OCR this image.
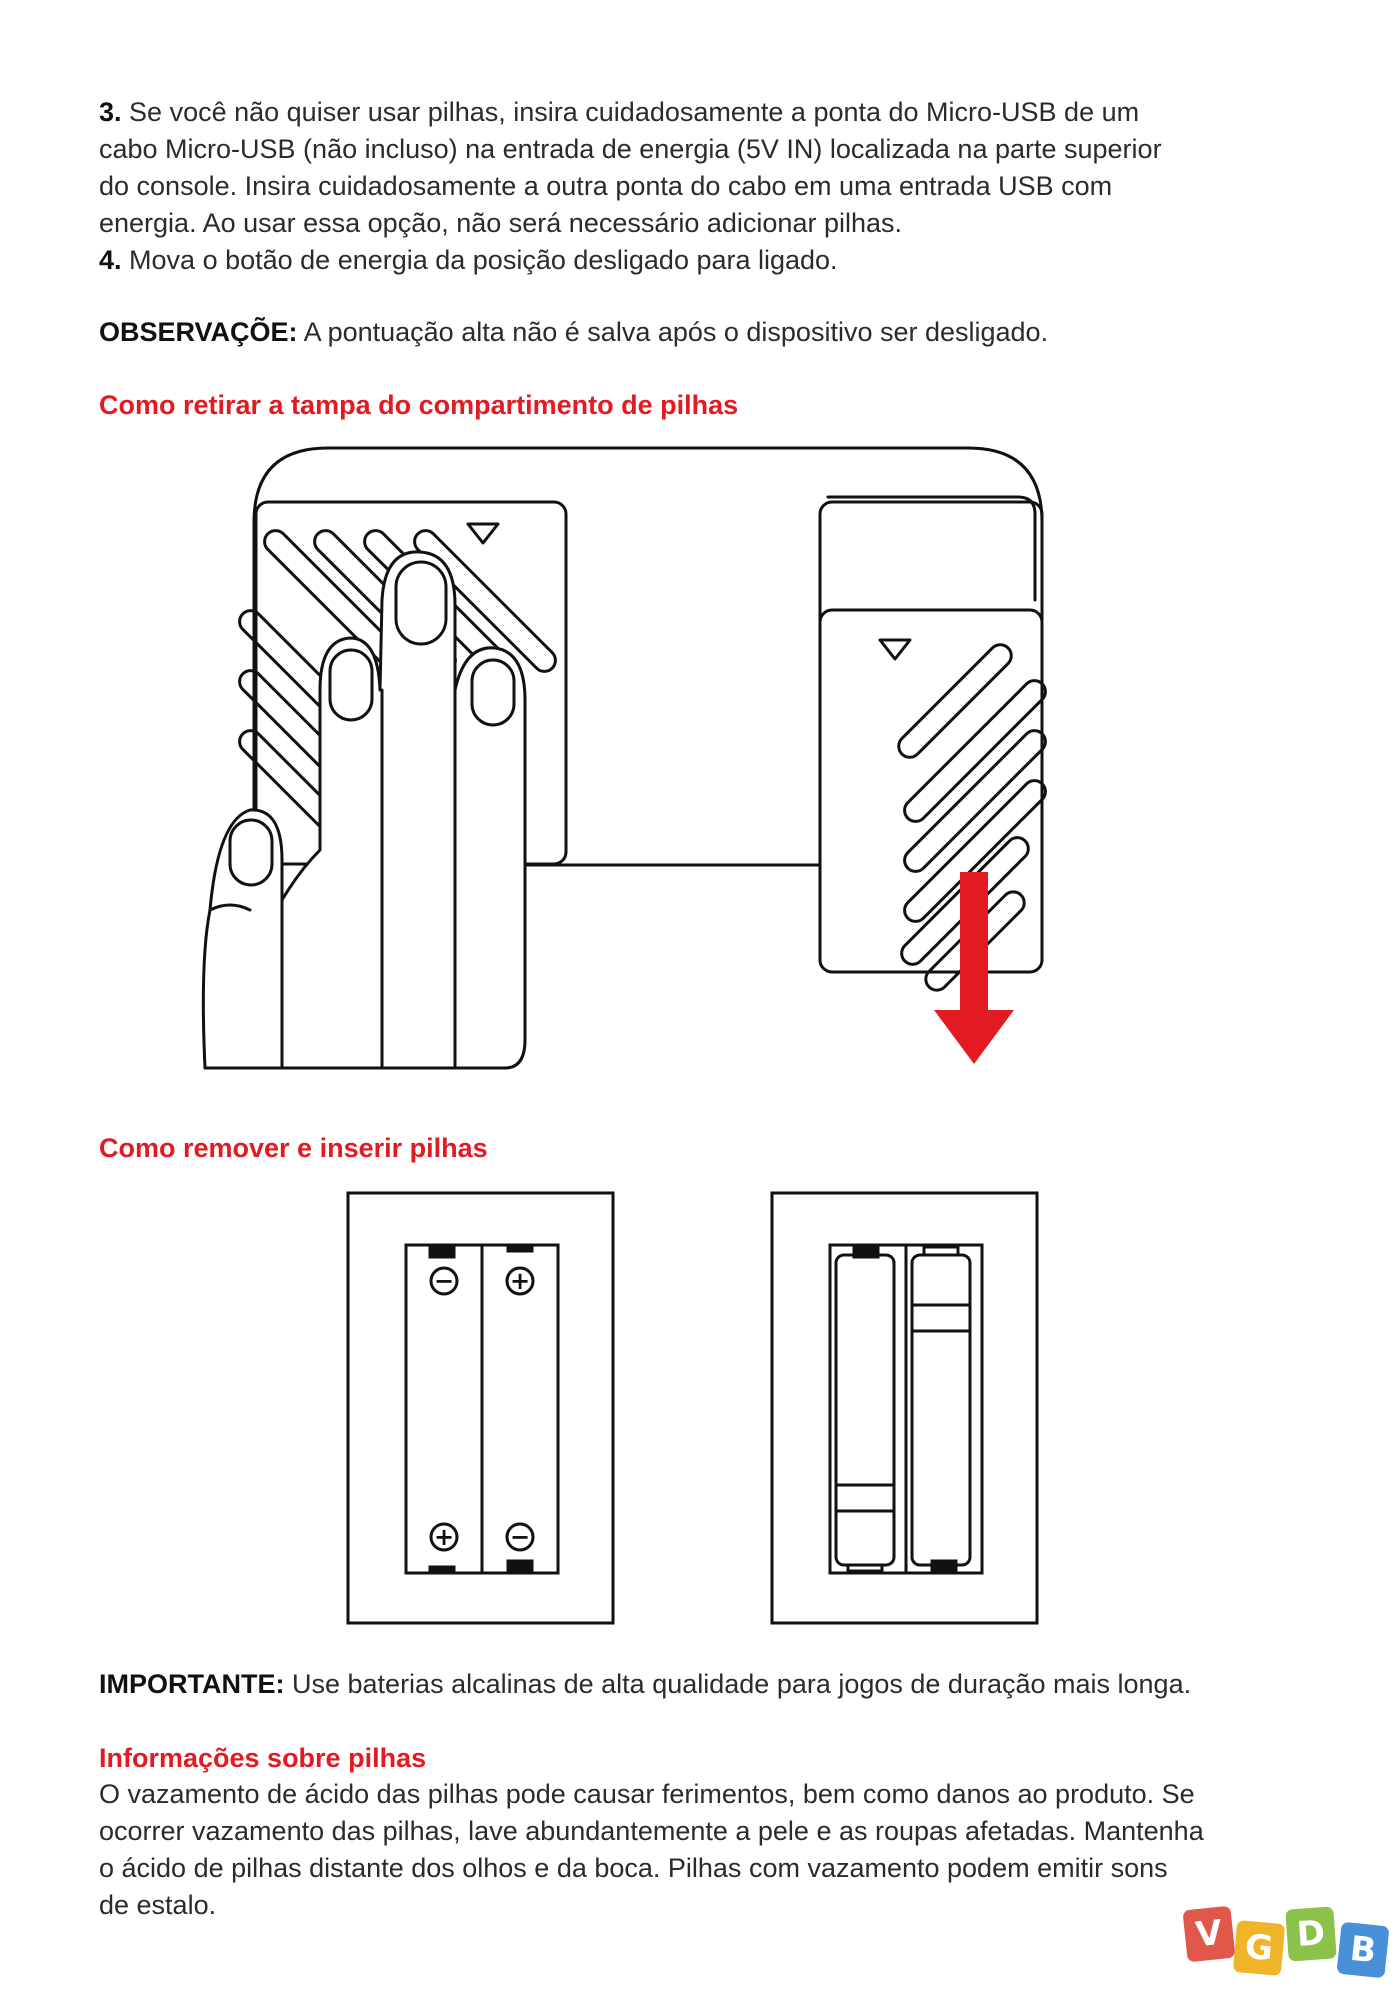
3. Se você não quiser usar pilhas, insira cuidadosamente a ponta do Micro-USB de um
cabo Micro-USB (não incluso) na entrada de energia (5V IN) localizada na parte superior
do console. Insira cuidadosamente a outra ponta do cabo em uma entrada USB com
energia. Ao usar essa opção, não será necessário adicionar pilhas.
4. Mova o botão de energia da posição desligado para ligado.
OBSERVAÇÕE: A pontuação alta não é salva após o dispositivo ser desligado.
Como retirar a tampa do compartimento de pilhas
Como remover e inserir pilhas
− +
+ −
IMPORTANTE: Use baterias alcalinas de alta qualidade para jogos de duração mais longa.
Informações sobre pilhas
O vazamento de ácido das pilhas pode causar ferimentos, bem como danos ao produto. Se
ocorrer vazamento das pilhas, lave abundantemente a pele e as roupas afetadas. Mantenha
o ácido de pilhas distante dos olhos e da boca. Pilhas com vazamento podem emitir sons
de estalo.
V G D B
